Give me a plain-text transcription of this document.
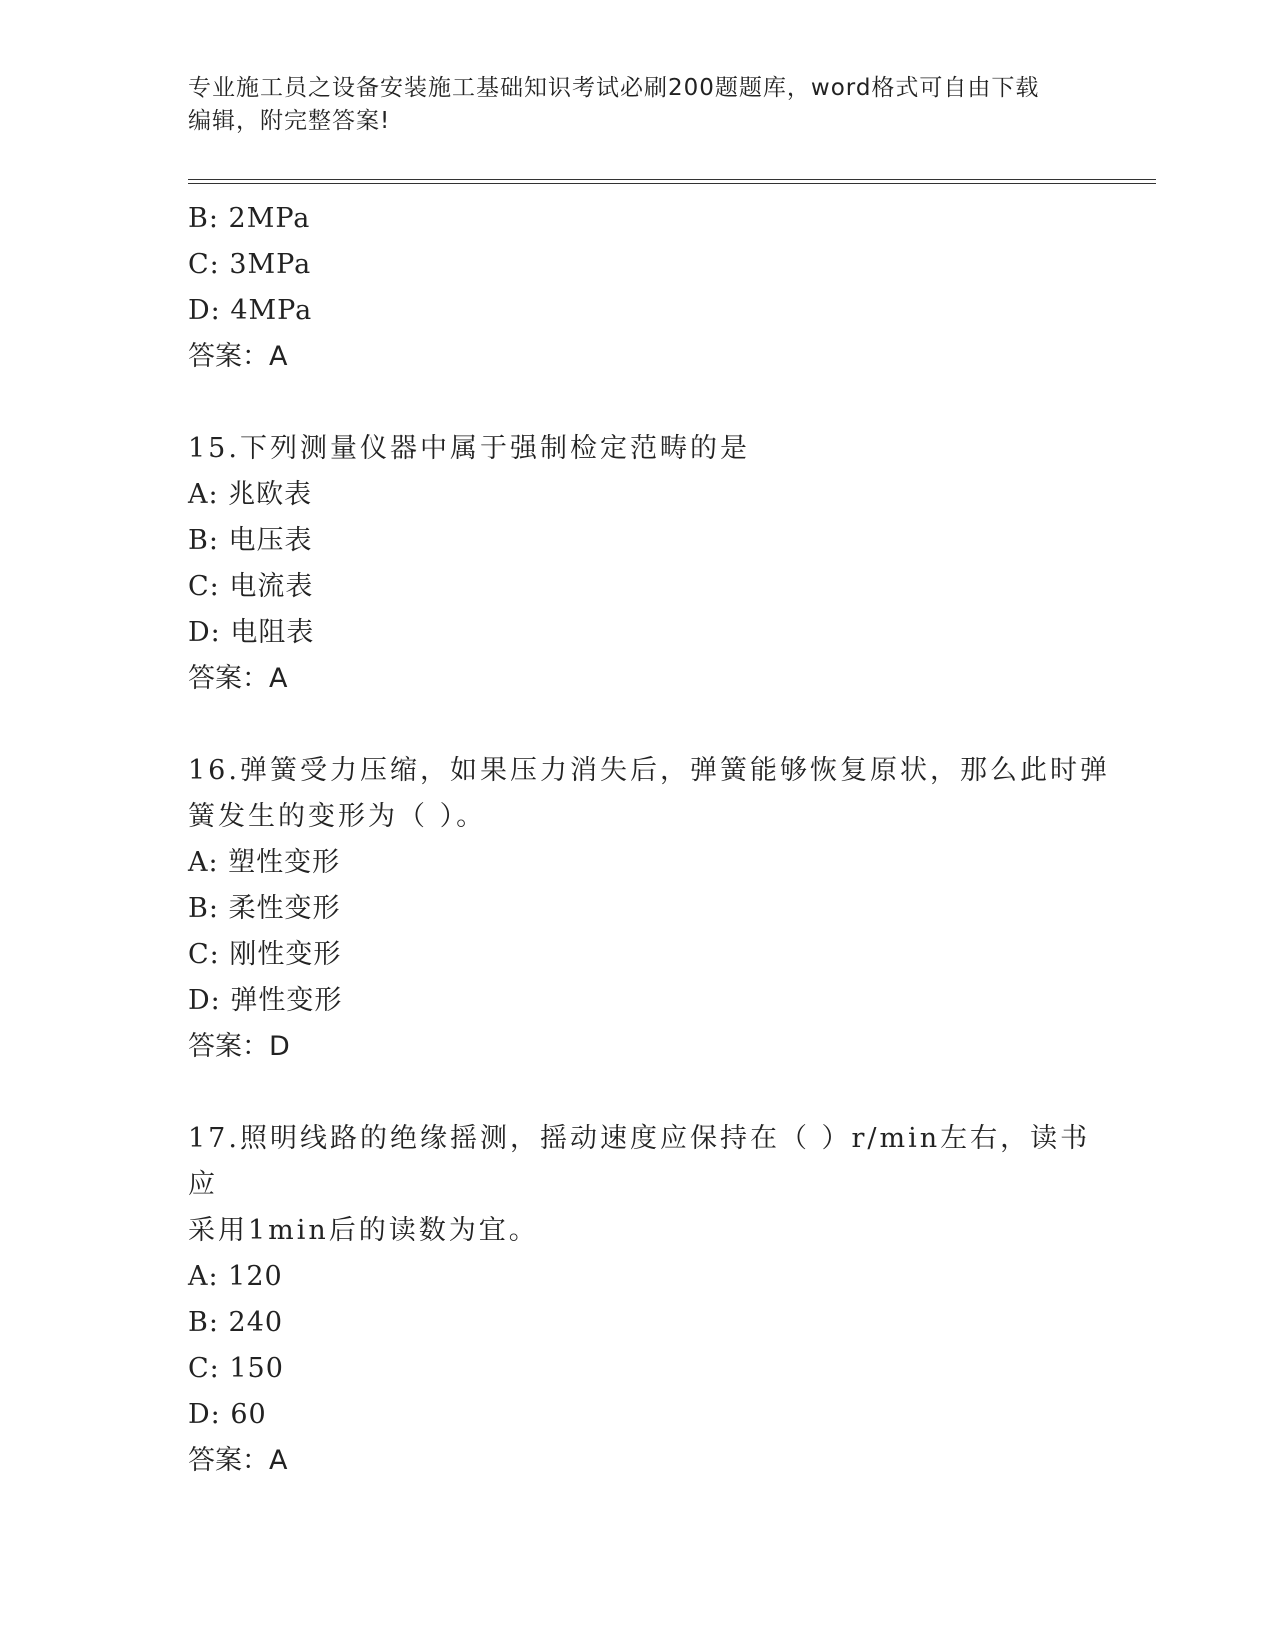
专业施工员之设备安装施工基础知识考试必刷200题题库，word格式可自由下载

编辑，附完整答案!

B: 2MPa
C: 3MPa
D: 4MPa
答案：A
15.下列测量仪器中属于强制检定范畴的是
A: 兆欧表
B: 电压表
C: 电流表
D: 电阻表
答案：A
16.弹簧受力压缩，如果压力消失后，弹簧能够恢复原状，那么此时弹
簧发生的变形为（ ）。
A: 塑性变形
B: 柔性变形
C: 刚性变形
D: 弹性变形
答案：D
17.照明线路的绝缘摇测，摇动速度应保持在（ ）r/min左右，读书应
采用1min后的读数为宜。
A: 120
B: 240
C: 150
D: 60
答案：A
